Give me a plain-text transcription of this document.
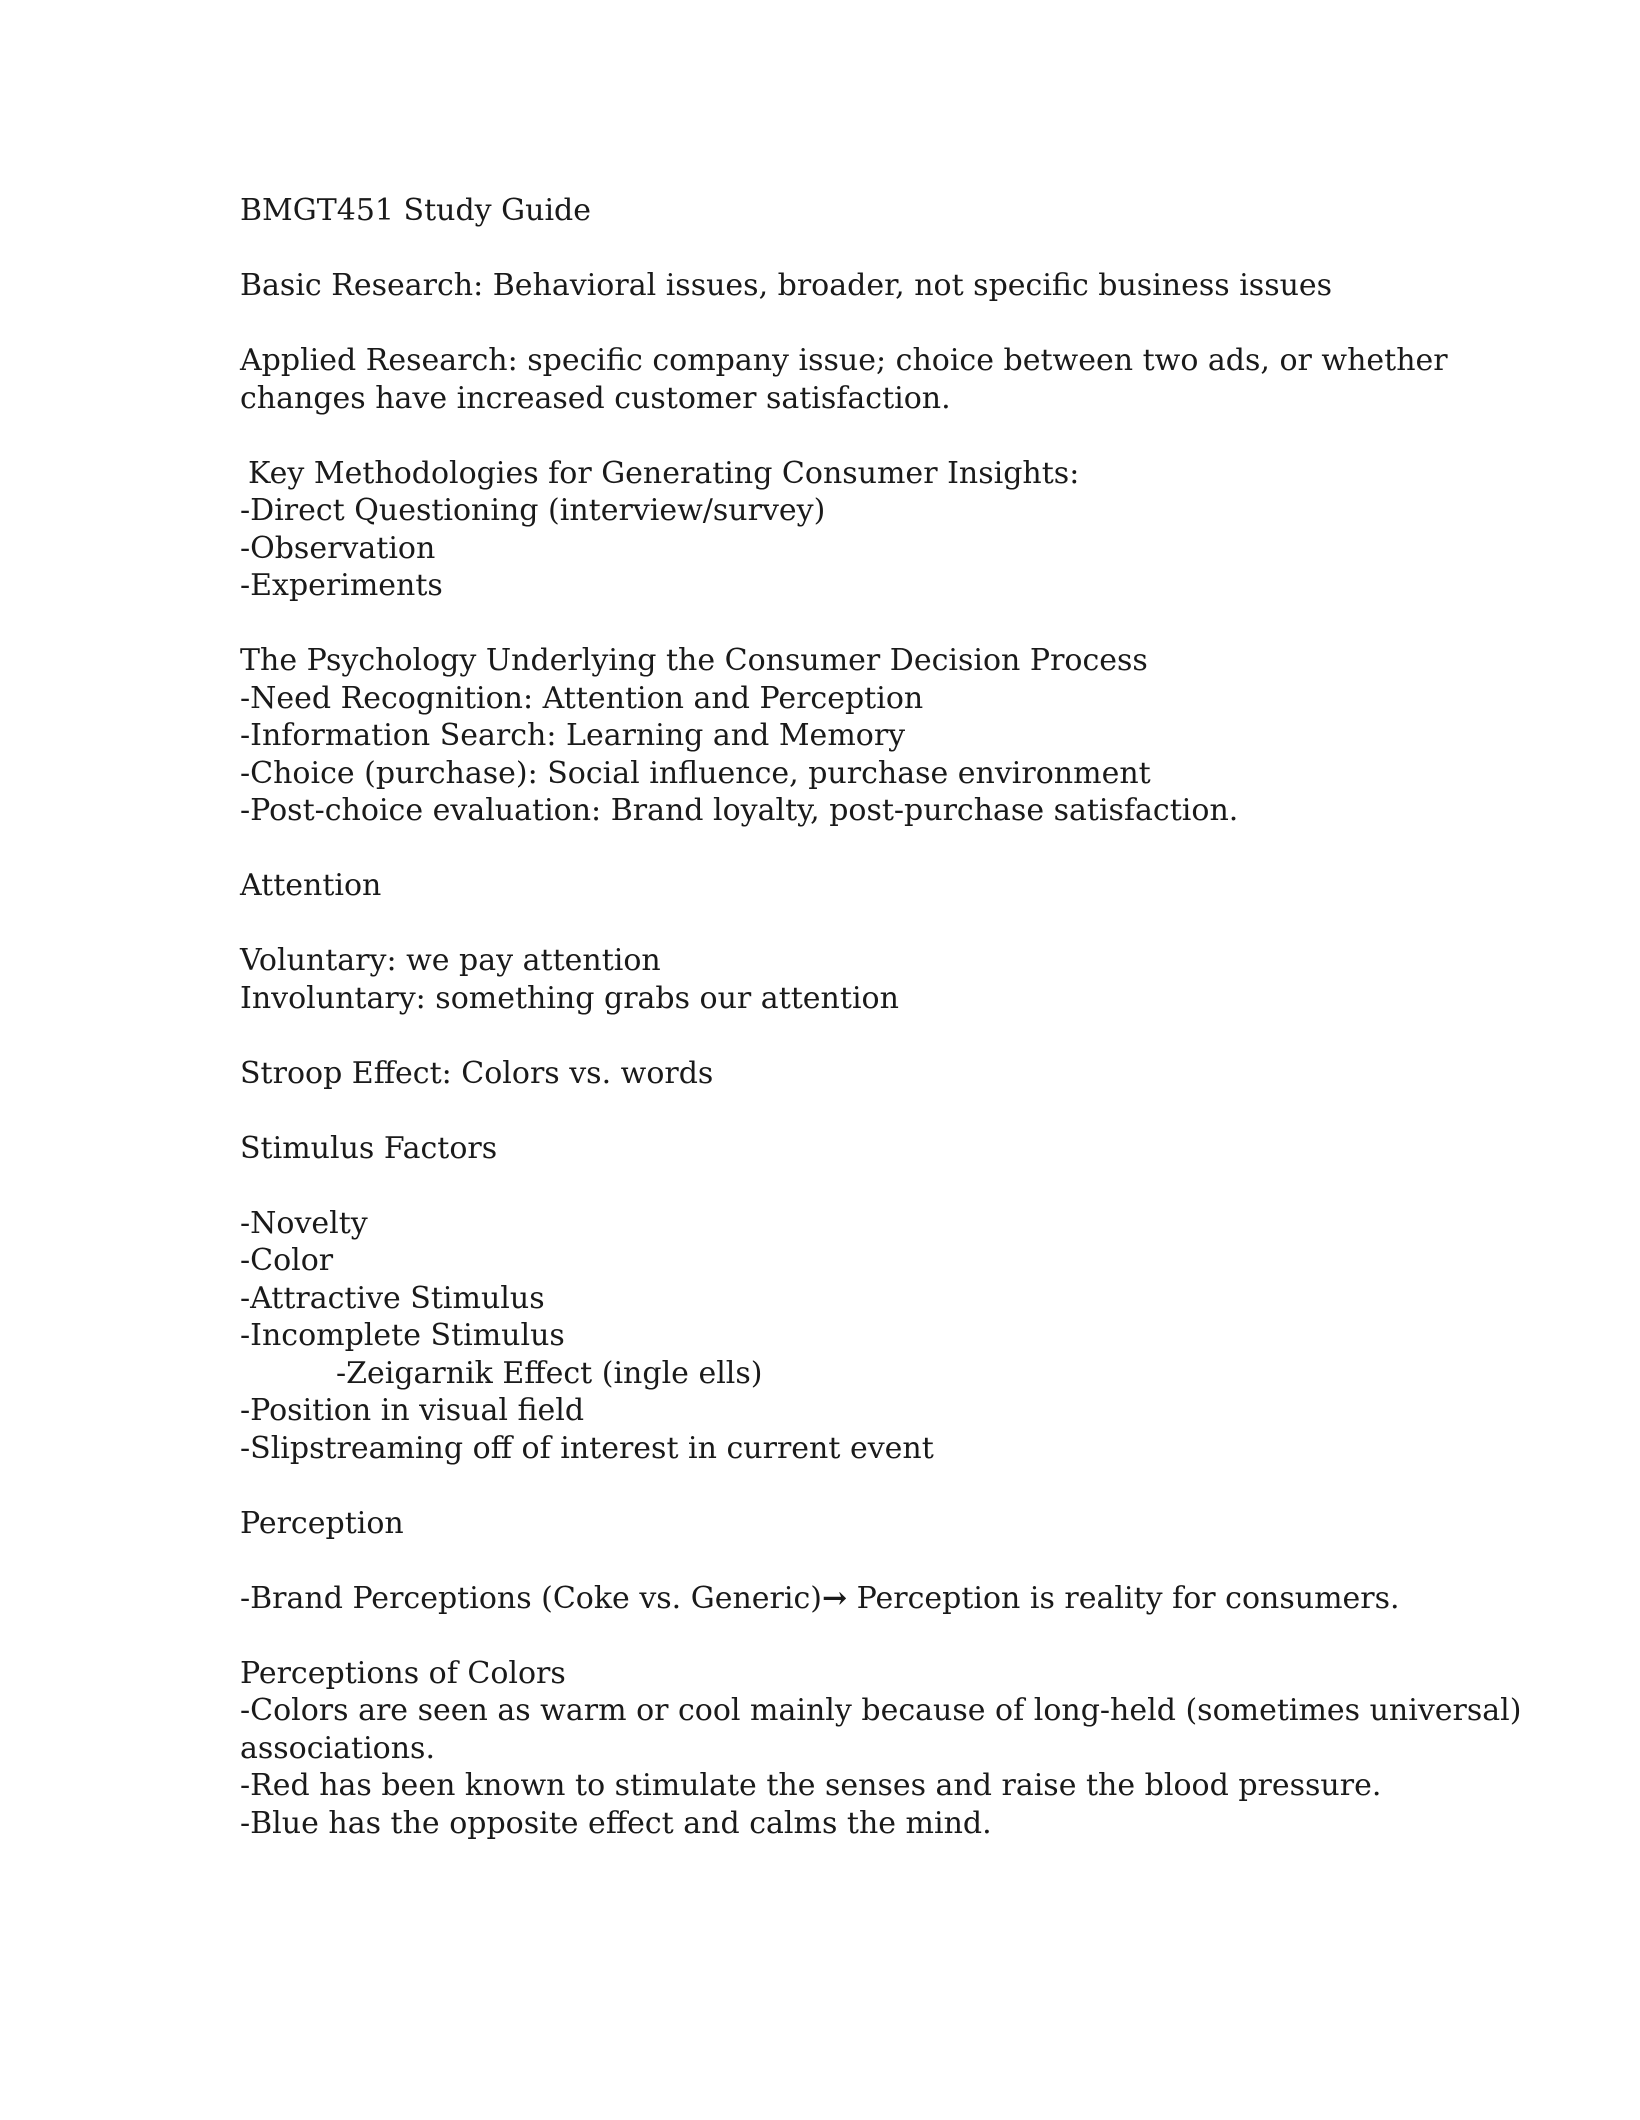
BMGT451 Study Guide
Basic Research: Behavioral issues, broader, not specific business issues
Applied Research: specific company issue; choice between two ads, or whether
changes have increased customer satisfaction.
Key Methodologies for Generating Consumer Insights:
-Direct Questioning (interview/survey)
-Observation
-Experiments
The Psychology Underlying the Consumer Decision Process
-Need Recognition: Attention and Perception
-Information Search: Learning and Memory
-Choice (purchase): Social influence, purchase environment
-Post-choice evaluation: Brand loyalty, post-purchase satisfaction.
Attention
Voluntary: we pay attention
Involuntary: something grabs our attention
Stroop Effect: Colors vs. words
Stimulus Factors
-Novelty
-Color
-Attractive Stimulus
-Incomplete Stimulus
-Zeigarnik Effect (ingle ells)
-Position in visual field
-Slipstreaming off of interest in current event
Perception
-Brand Perceptions (Coke vs. Generic)→ Perception is reality for consumers.
Perceptions of Colors
-Colors are seen as warm or cool mainly because of long-held (sometimes universal)
associations.
-Red has been known to stimulate the senses and raise the blood pressure.
-Blue has the opposite effect and calms the mind.
